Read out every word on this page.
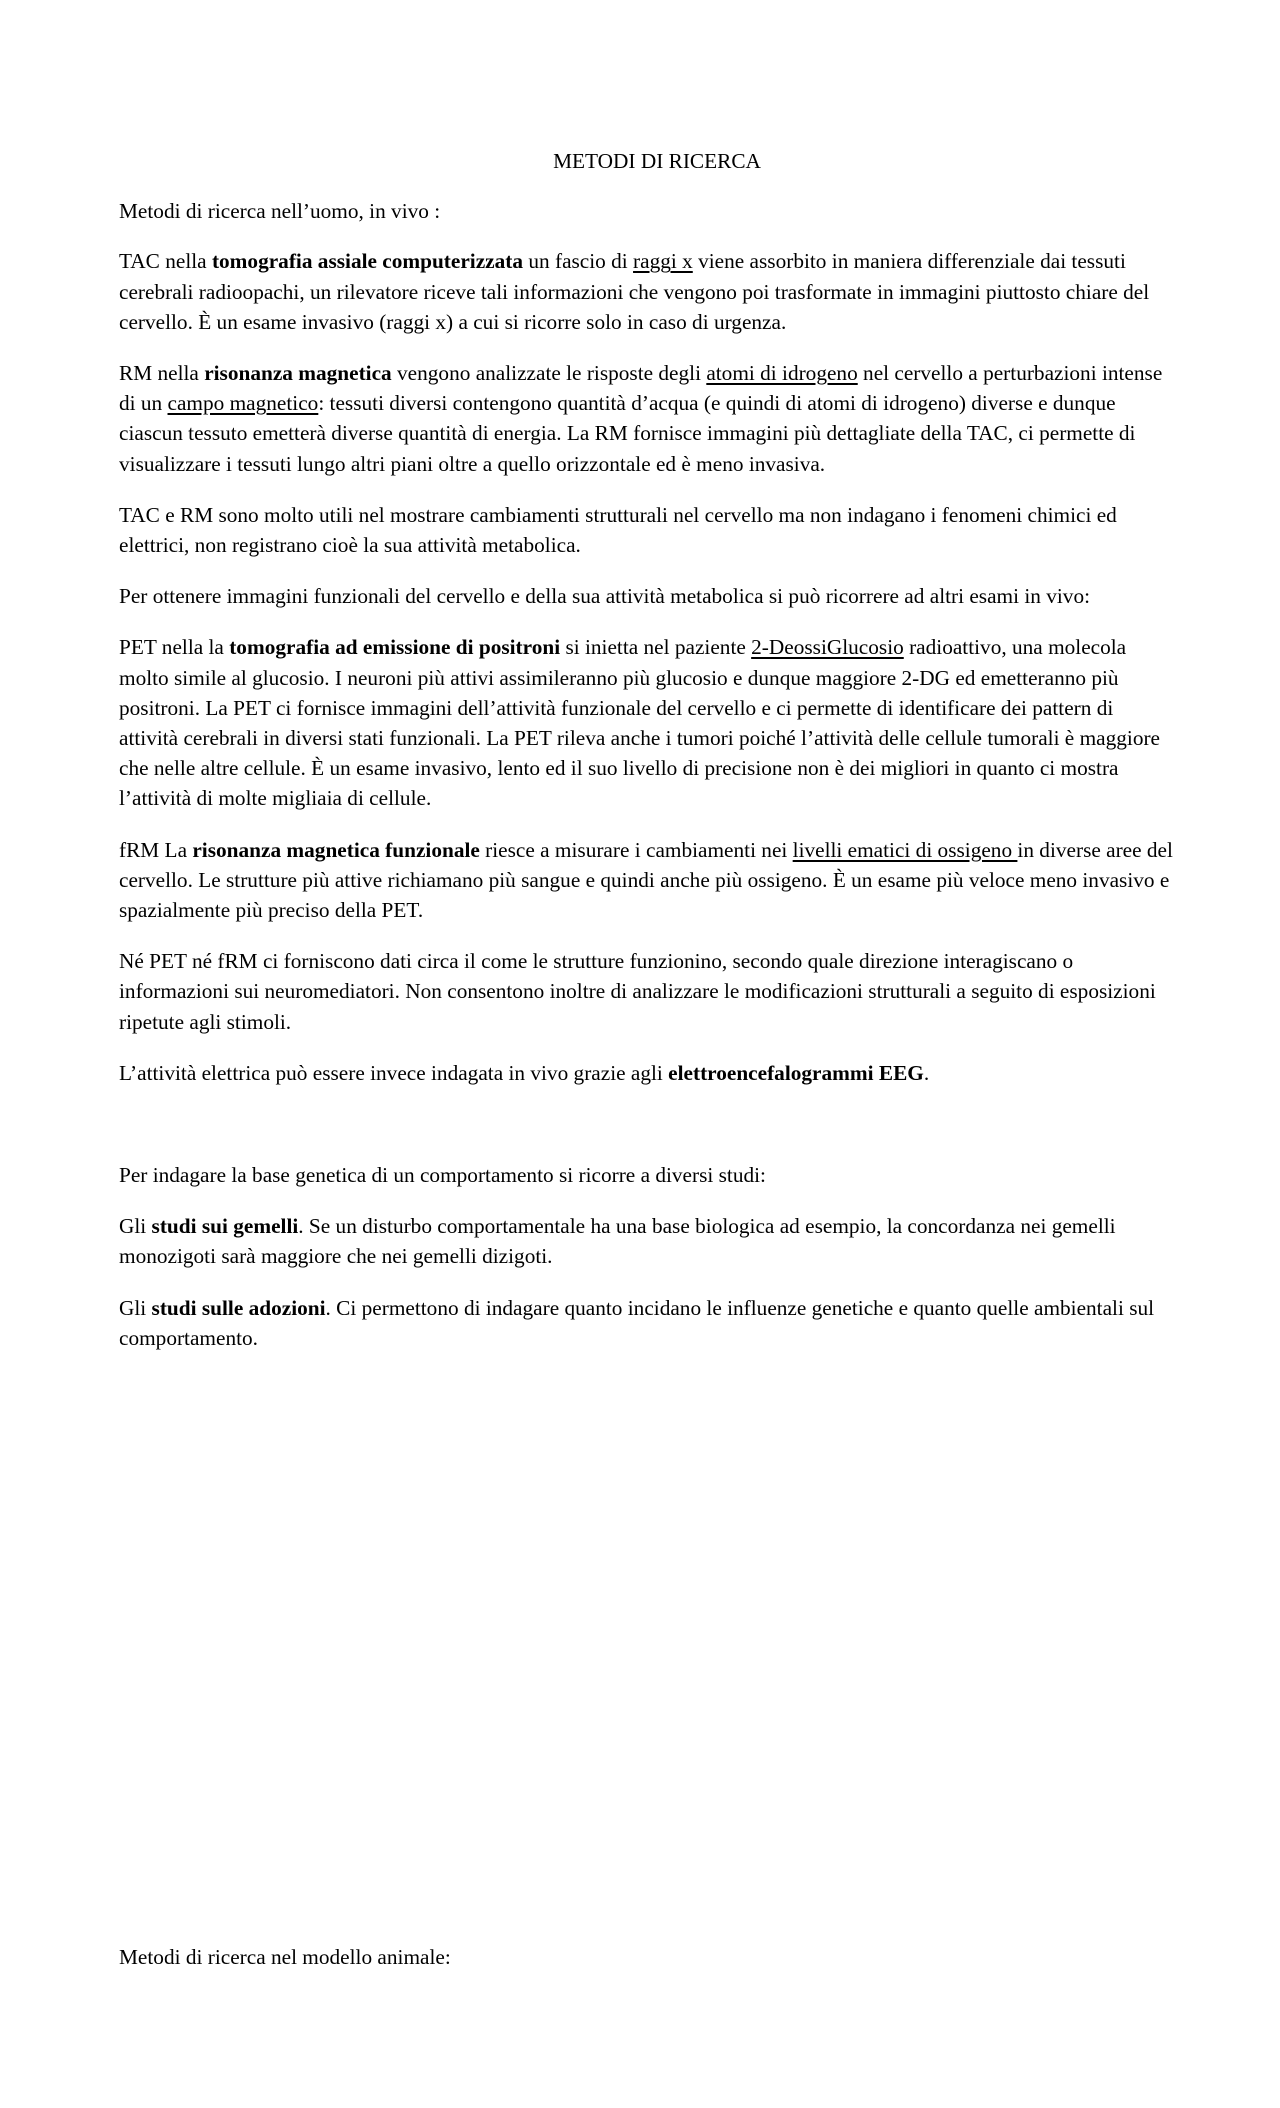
METODI DI RICERCA

Metodi di ricerca nell’uomo, in vivo :

TAC nella tomografia assiale computerizzata un fascio di raggi x viene assorbito in maniera differenziale dai tessuti cerebrali radioopachi, un rilevatore riceve tali informazioni che vengono poi trasformate in immagini piuttosto chiare del cervello. È un esame invasivo (raggi x) a cui si ricorre solo in caso di urgenza.

RM nella risonanza magnetica vengono analizzate le risposte degli atomi di idrogeno nel cervello a perturbazioni intense di un campo magnetico: tessuti diversi contengono quantità d’acqua (e quindi di atomi di idrogeno) diverse e dunque ciascun tessuto emetterà diverse quantità di energia. La RM fornisce immagini più dettagliate della TAC, ci permette di visualizzare i tessuti lungo altri piani oltre a quello orizzontale ed è meno invasiva.

TAC e RM sono molto utili nel mostrare cambiamenti strutturali nel cervello ma non indagano i fenomeni chimici ed elettrici, non registrano cioè la sua attività metabolica.

Per ottenere immagini funzionali del cervello e della sua attività metabolica si può ricorrere ad altri esami in vivo:

PET nella la tomografia ad emissione di positroni si inietta nel paziente 2-DeossiGlucosio radioattivo, una molecola molto simile al glucosio. I neuroni più attivi assimileranno più glucosio e dunque maggiore 2-DG ed emetteranno più positroni. La PET ci fornisce immagini dell’attività funzionale del cervello e ci permette di identificare dei pattern di attività cerebrali in diversi stati funzionali. La PET rileva anche i tumori poiché l’attività delle cellule tumorali è maggiore che nelle altre cellule. È un esame invasivo, lento ed il suo livello di precisione non è dei migliori in quanto ci mostra l’attività di molte migliaia di cellule.

fRM La risonanza magnetica funzionale riesce a misurare i cambiamenti nei livelli ematici di ossigeno in diverse aree del cervello. Le strutture più attive richiamano più sangue e quindi anche più ossigeno. È un esame più veloce meno invasivo e spazialmente più preciso della PET.

Né PET né fRM ci forniscono dati circa il come le strutture funzionino, secondo quale direzione interagiscano o informazioni sui neuromediatori. Non consentono inoltre di analizzare le modificazioni strutturali a seguito di esposizioni ripetute agli stimoli.

L’attività elettrica può essere invece indagata in vivo grazie agli elettroencefalogrammi EEG.

Per indagare la base genetica di un comportamento si ricorre a diversi studi:

Gli studi sui gemelli. Se un disturbo comportamentale ha una base biologica ad esempio, la concordanza nei gemelli monozigoti sarà maggiore che nei gemelli dizigoti.

Gli studi sulle adozioni. Ci permettono di indagare quanto incidano le influenze genetiche e quanto quelle ambientali sul comportamento.

Metodi di ricerca nel modello animale:
